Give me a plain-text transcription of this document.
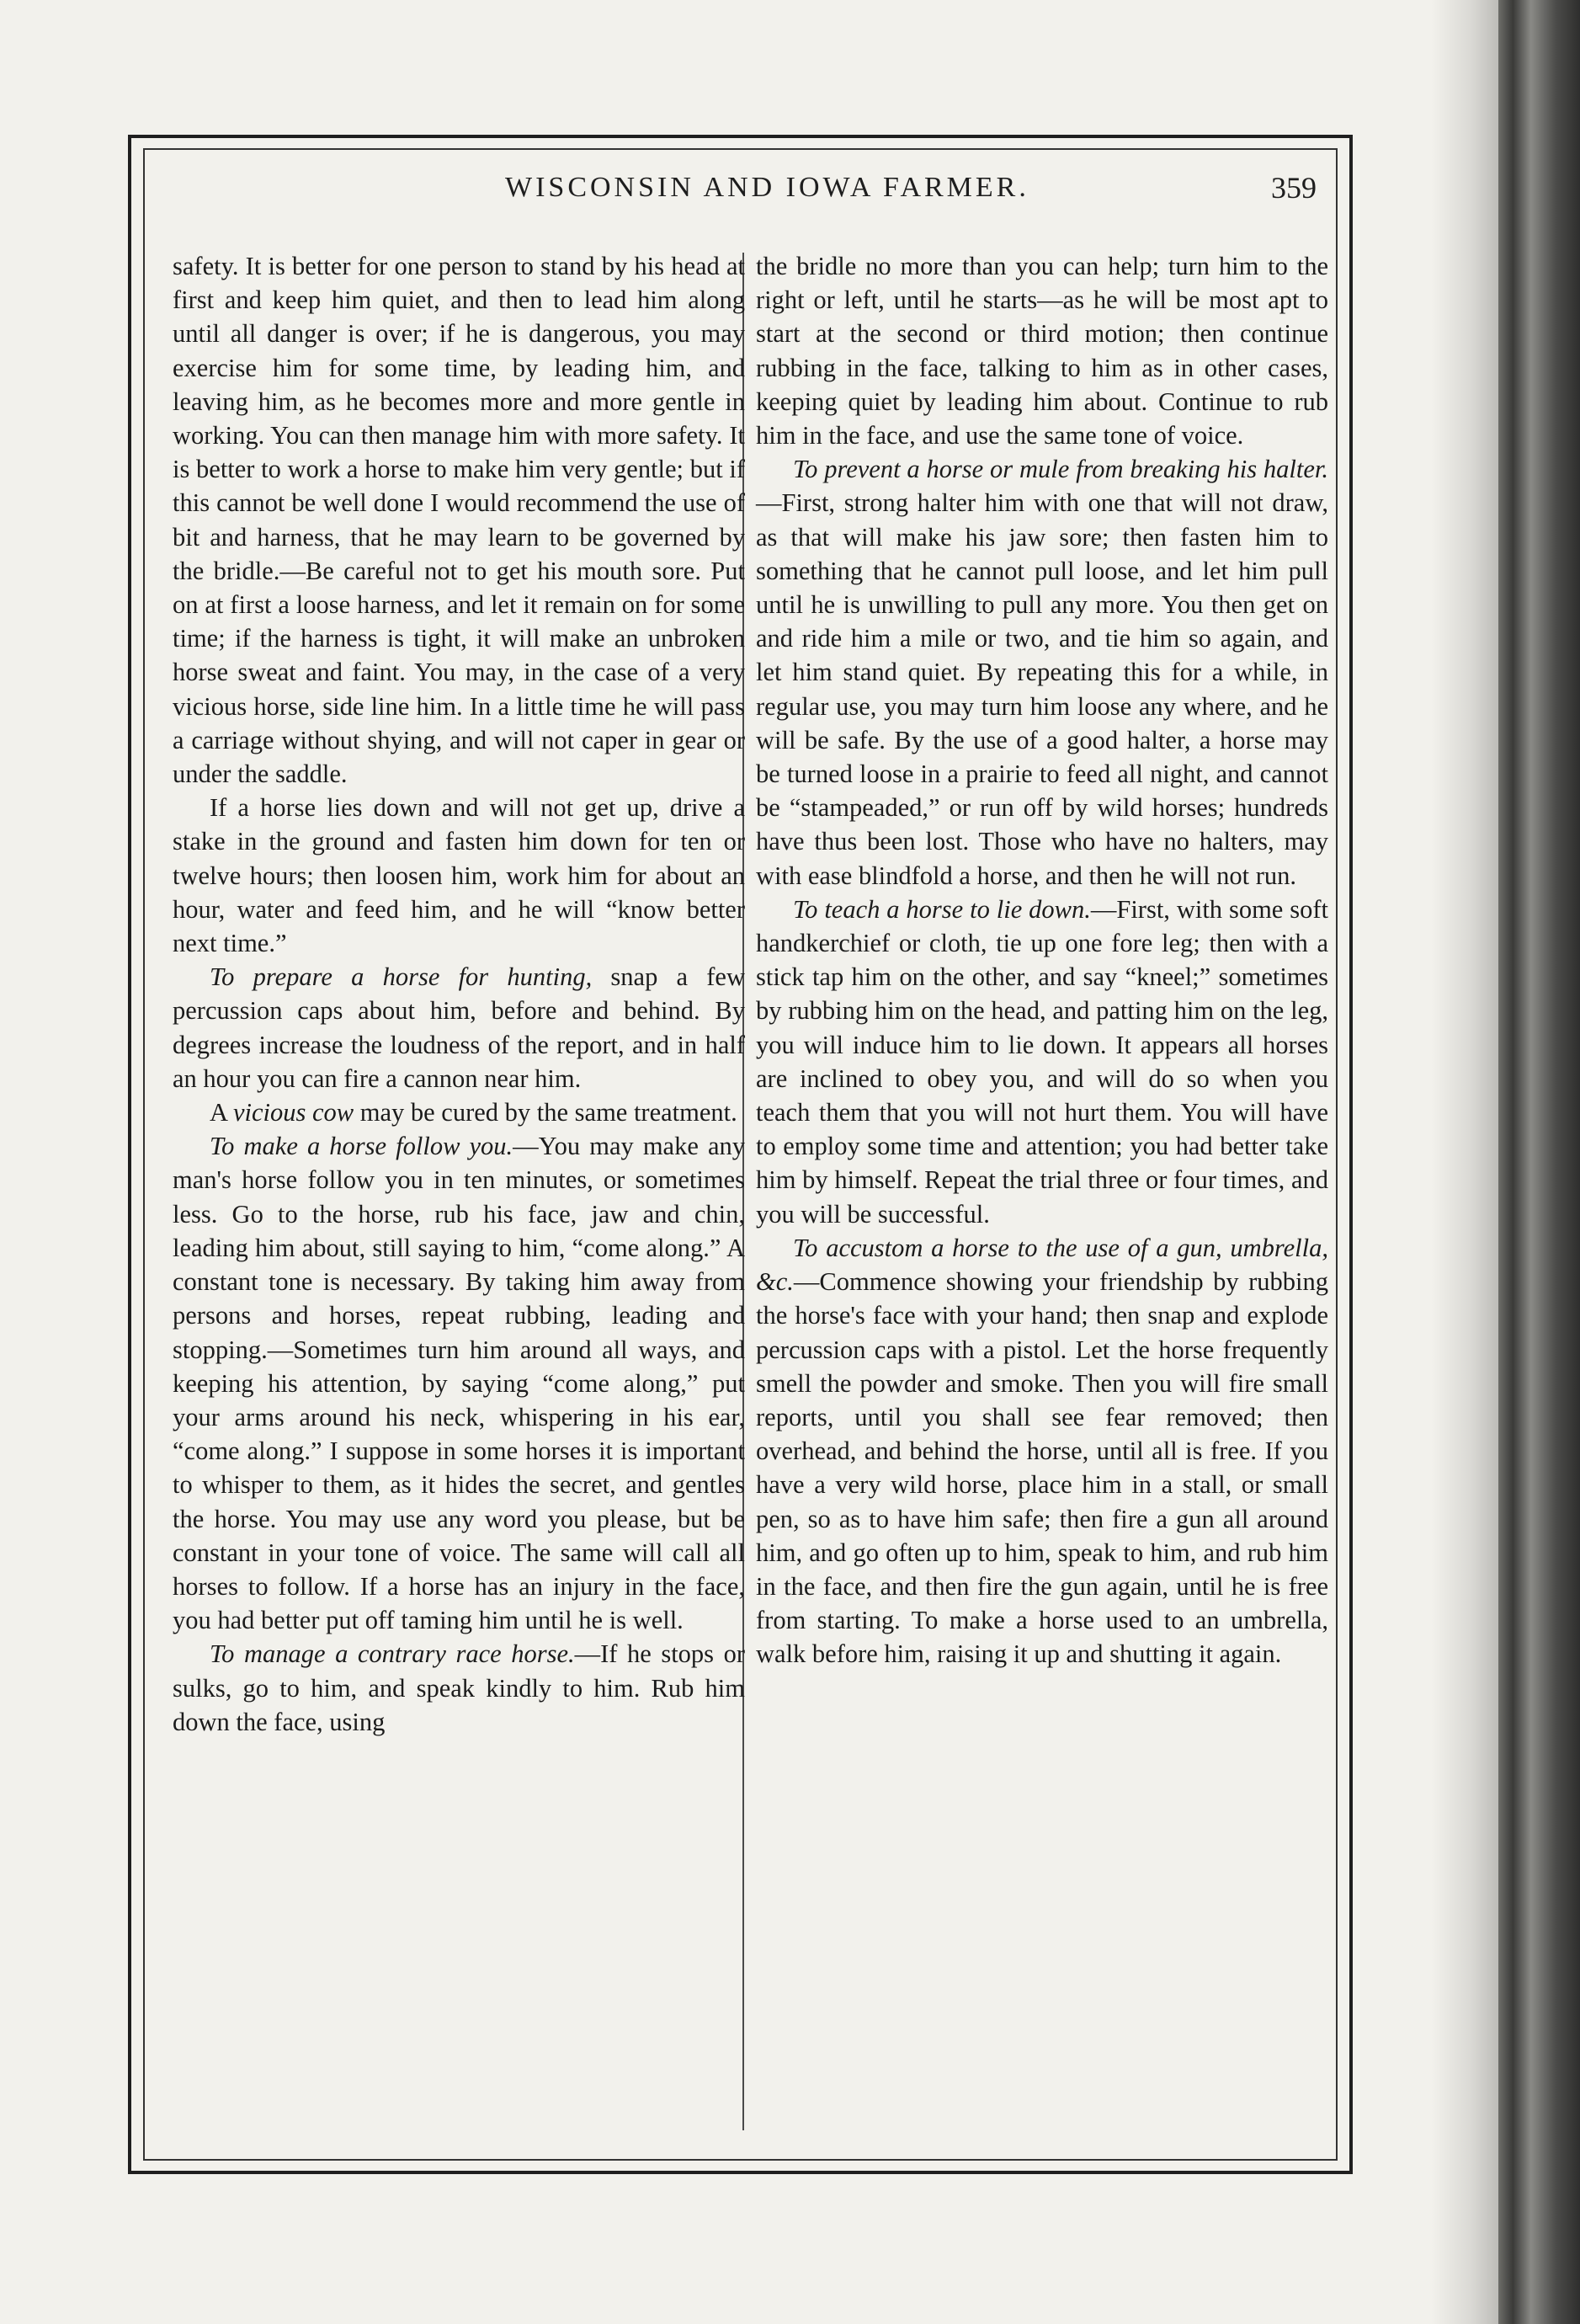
WISCONSIN AND IOWA FARMER.	359

safety. It is better for one person to stand by his head at first and keep him quiet, and then to lead him along until all danger is over; if he is dangerous, you may exercise him for some time, by leading him, and leaving him, as he becomes more and more gentle in working. You can then manage him with more safety. It is better to work a horse to make him very gentle; but if this cannot be well done I would recommend the use of bit and harness, that he may learn to be governed by the bridle.—Be careful not to get his mouth sore. Put on at first a loose harness, and let it remain on for some time; if the harness is tight, it will make an unbroken horse sweat and faint. You may, in the case of a very vicious horse, side line him. In a little time he will pass a carriage without shying, and will not caper in gear or under the saddle.

If a horse lies down and will not get up, drive a stake in the ground and fasten him down for ten or twelve hours; then loosen him, work him for about an hour, water and feed him, and he will “know better next time.”

To prepare a horse for hunting, snap a few percussion caps about him, before and behind. By degrees increase the loudness of the report, and in half an hour you can fire a cannon near him.

A vicious cow may be cured by the same treatment.

To make a horse follow you.—You may make any man's horse follow you in ten minutes, or sometimes less. Go to the horse, rub his face, jaw and chin, leading him about, still saying to him, “come along.” A constant tone is necessary. By taking him away from persons and horses, repeat rubbing, leading and stopping.—Sometimes turn him around all ways, and keeping his attention, by saying “come along,” put your arms around his neck, whispering in his ear, “come along.” I suppose in some horses it is important to whisper to them, as it hides the secret, and gentles the horse. You may use any word you please, but be constant in your tone of voice. The same will call all horses to follow. If a horse has an injury in the face, you had better put off taming him until he is well.

To manage a contrary race horse.—If he stops or sulks, go to him, and speak kindly to him. Rub him down the face, using

the bridle no more than you can help; turn him to the right or left, until he starts—as he will be most apt to start at the second or third motion; then continue rubbing in the face, talking to him as in other cases, keeping quiet by leading him about. Continue to rub him in the face, and use the same tone of voice.

To prevent a horse or mule from breaking his halter.—First, strong halter him with one that will not draw, as that will make his jaw sore; then fasten him to something that he cannot pull loose, and let him pull until he is unwilling to pull any more. You then get on and ride him a mile or two, and tie him so again, and let him stand quiet. By repeating this for a while, in regular use, you may turn him loose any where, and he will be safe. By the use of a good halter, a horse may be turned loose in a prairie to feed all night, and cannot be “stampeaded,” or run off by wild horses; hundreds have thus been lost. Those who have no halters, may with ease blindfold a horse, and then he will not run.

To teach a horse to lie down.—First, with some soft handkerchief or cloth, tie up one fore leg; then with a stick tap him on the other, and say “kneel;” sometimes by rubbing him on the head, and patting him on the leg, you will induce him to lie down. It appears all horses are inclined to obey you, and will do so when you teach them that you will not hurt them. You will have to employ some time and attention; you had better take him by himself. Repeat the trial three or four times, and you will be successful.

To accustom a horse to the use of a gun, umbrella, &c.—Commence showing your friendship by rubbing the horse's face with your hand; then snap and explode percussion caps with a pistol. Let the horse frequently smell the powder and smoke. Then you will fire small reports, until you shall see fear removed; then overhead, and behind the horse, until all is free. If you have a very wild horse, place him in a stall, or small pen, so as to have him safe; then fire a gun all around him, and go often up to him, speak to him, and rub him in the face, and then fire the gun again, until he is free from starting. To make a horse used to an umbrella, walk before him, raising it up and shutting it again.
